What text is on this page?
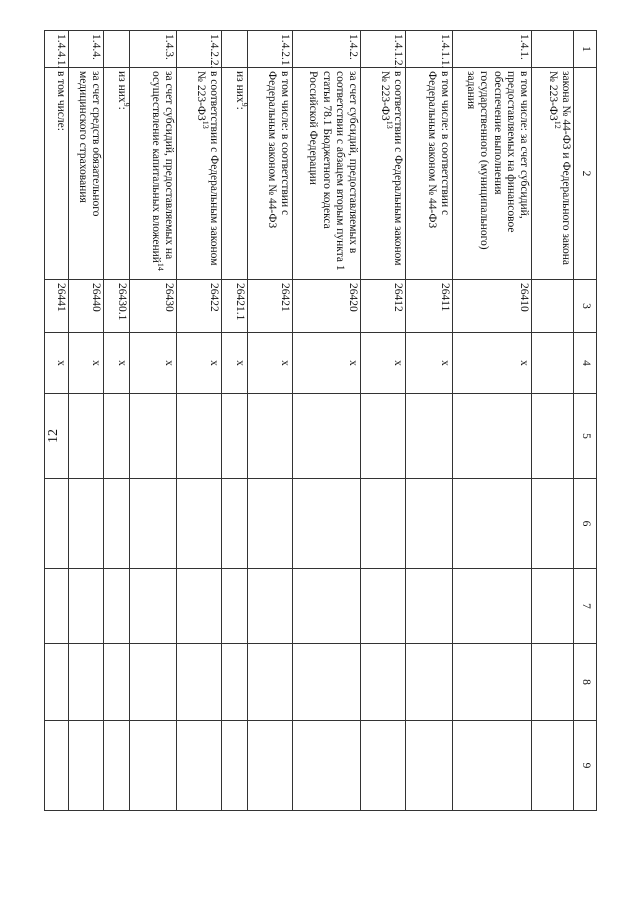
12
1	2	3	4	5	6	7	8	9
	закона № 44-ФЗ и Федерального закона № 223-ФЗ$^{12}$							
1.4.1.	в том числе: за счет субсидий, предоставляемых на финансовое обеспечение выполнения государственного (муниципального) задания	26410	x					
1.4.1.1.	в том числе: в соответствии с Федеральным законом № 44-ФЗ	26411	x					
1.4.1.2.	в соответствии с Федеральным законом № 223-ФЗ$^{13}$	26412	x					
1.4.2.	за счет субсидий, предоставляемых в соответствии с абзацем вторым пункта 1 статьи 78.1 Бюджетного кодекса Российской Федерации	26420	x					
1.4.2.1	в том числе: в соответствии с Федеральным законом № 44-ФЗ	26421	x					
	из них$^9$:	26421.1	x					
1.4.2.2.	в соответствии с Федеральным законом № 223-ФЗ$^{13}$	26422	x					
1.4.3.	за счет субсидий, предоставляемых на осуществление капитальных вложений$^{14}$	26430	x					
	из них$^9$:	26430.1	x					
1.4.4.	за счет средств обязательного медицинского страхования	26440	x					
1.4.4.1.	в том числе:	26441	x					
